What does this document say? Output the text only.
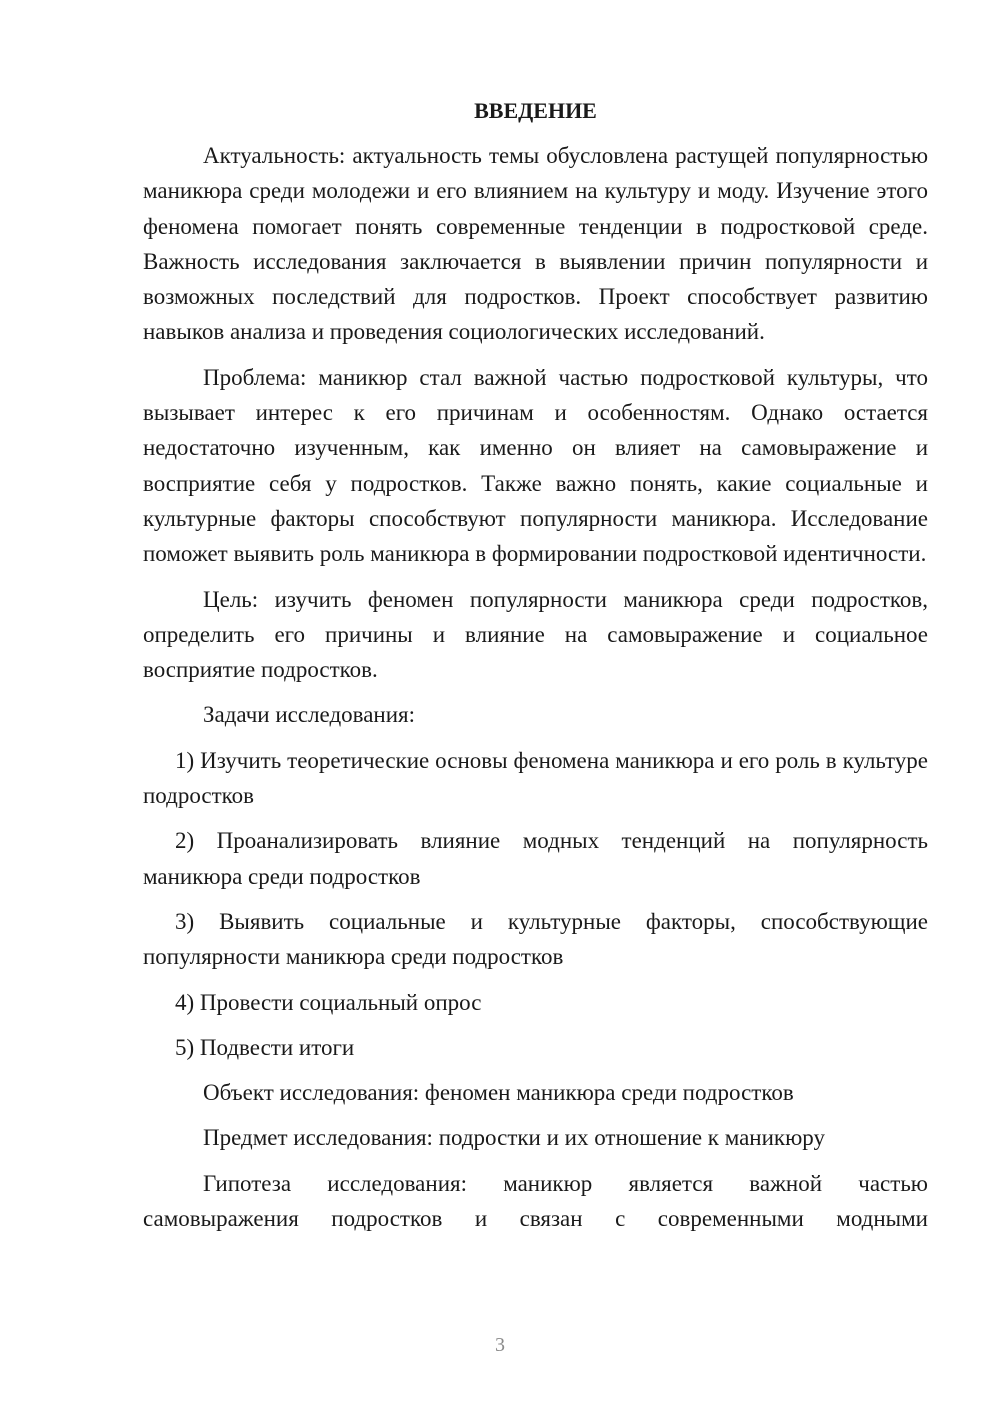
ВВЕДЕНИЕ

Актуальность: актуальность темы обусловлена растущей популярностью маникюра среди молодежи и его влиянием на культуру и моду. Изучение этого феномена помогает понять современные тенденции в подростковой среде. Важность исследования заключается в выявлении причин популярности и возможных последствий для подростков. Проект способствует развитию навыков анализа и проведения социологических исследований.

Проблема: маникюр стал важной частью подростковой культуры, что вызывает интерес к его причинам и особенностям. Однако остается недостаточно изученным, как именно он влияет на самовыражение и восприятие себя у подростков. Также важно понять, какие социальные и культурные факторы способствуют популярности маникюра. Исследование поможет выявить роль маникюра в формировании подростковой идентичности.

Цель: изучить феномен популярности маникюра среди подростков, определить его причины и влияние на самовыражение и социальное восприятие подростков.

Задачи исследования:

1) Изучить теоретические основы феномена маникюра и его роль в культуре подростков

2) Проанализировать влияние модных тенденций на популярность маникюра среди подростков

3) Выявить социальные и культурные факторы, способствующие популярности маникюра среди подростков

4) Провести социальный опрос

5) Подвести итоги

Объект исследования: феномен маникюра среди подростков

Предмет исследования: подростки и их отношение к маникюру

Гипотеза исследования: маникюр является важной частью самовыражения подростков и связан с современными модными

3
